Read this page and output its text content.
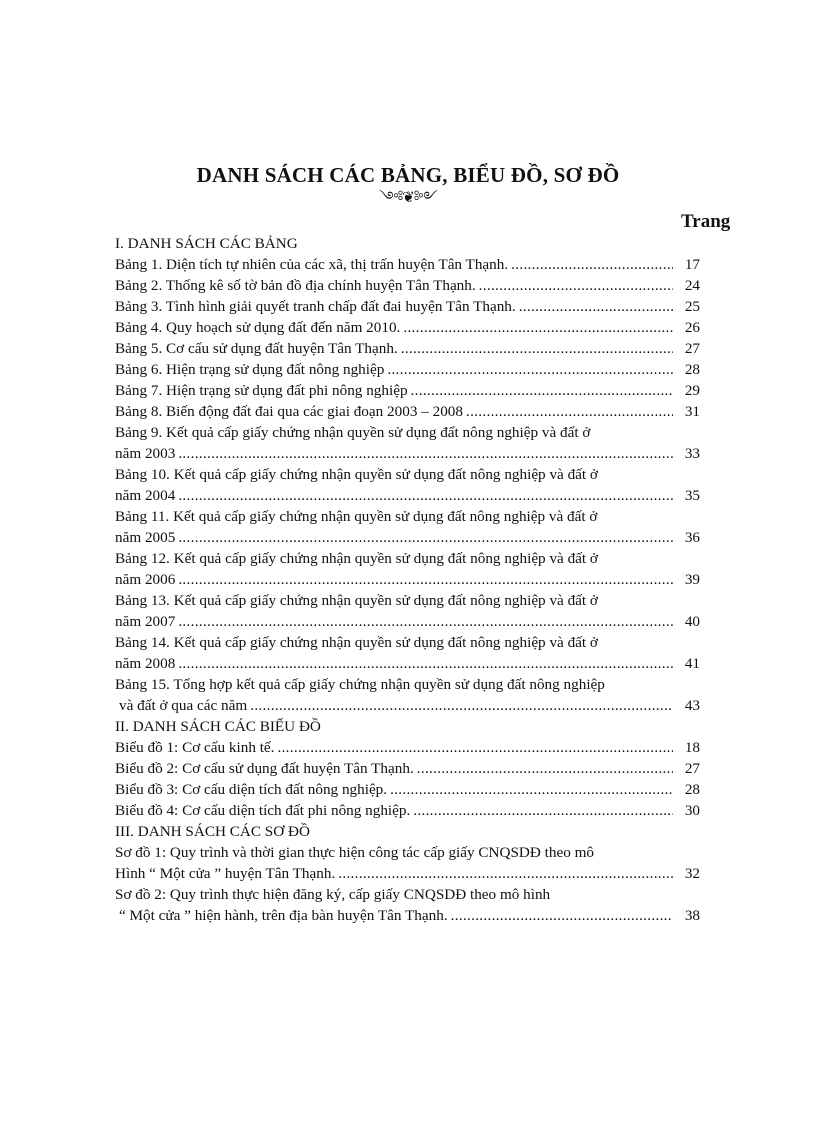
DANH SÁCH CÁC BẢNG, BIỂU ĐỒ, SƠ ĐỒ
༺❦༻
Trang
I. DANH SÁCH CÁC BẢNG
Bảng 1. Diện tích tự nhiên của các xã, thị trấn huyện Tân Thạnh. .....	17
Bảng 2. Thống kê số tờ bản đồ địa chính huyện Tân Thạnh. .....	24
Bảng 3. Tình hình giải quyết tranh chấp đất đai huyện Tân Thạnh. .....	25
Bảng 4. Quy hoạch sử dụng đất đến năm 2010. .....	26
Bảng 5. Cơ cấu sử dụng đất huyện Tân Thạnh. .....	27
Bảng 6. Hiện trạng sử dụng đất nông nghiệp .....	28
Bảng 7. Hiện trạng sử dụng đất phi nông nghiệp .....	29
Bảng 8. Biến động đất đai qua các giai đoạn 2003 – 2008 .....	31
Bảng 9. Kết quả cấp giấy chứng nhận quyền sử dụng đất nông nghiệp và đất ở
năm 2003 .....	33
Bảng 10. Kết quả cấp giấy chứng nhận quyền sử dụng đất nông nghiệp và đất ở
năm 2004 .....	35
Bảng 11. Kết quả cấp giấy chứng nhận quyền sử dụng đất nông nghiệp và đất ở
năm 2005 .....	36
Bảng 12. Kết quả cấp giấy chứng nhận quyền sử dụng đất nông nghiệp và đất ở
năm 2006 .....	39
Bảng 13. Kết quả cấp giấy chứng nhận quyền sử dụng đất nông nghiệp và đất ở
năm 2007 .....	40
Bảng 14. Kết quả cấp giấy chứng nhận quyền sử dụng đất nông nghiệp và đất ở
năm 2008 .....	41
Bảng 15. Tổng hợp kết quả cấp giấy chứng nhận quyền sử dụng đất nông nghiệp
và đất ở qua các năm .....	43
II. DANH SÁCH CÁC BIỂU ĐỒ
Biểu đồ 1: Cơ cấu kinh tế. .....	18
Biểu đồ 2: Cơ cấu sử dụng đất huyện Tân Thạnh. .....	27
Biểu đồ 3: Cơ cấu diện tích đất nông nghiệp. .....	28
Biểu đồ 4: Cơ cấu diện tích đất phi nông nghiệp. .....	30
III. DANH SÁCH CÁC SƠ ĐỒ
Sơ đồ 1: Quy trình và thời gian thực hiện công tác cấp giấy CNQSDĐ theo mô
Hình “ Một cửa ” huyện Tân Thạnh. .....	32
Sơ đồ 2: Quy trình thực hiện đăng ký, cấp giấy CNQSDĐ theo mô hình
“ Một cửa ” hiện hành, trên địa bàn huyện Tân Thạnh. .....	38
